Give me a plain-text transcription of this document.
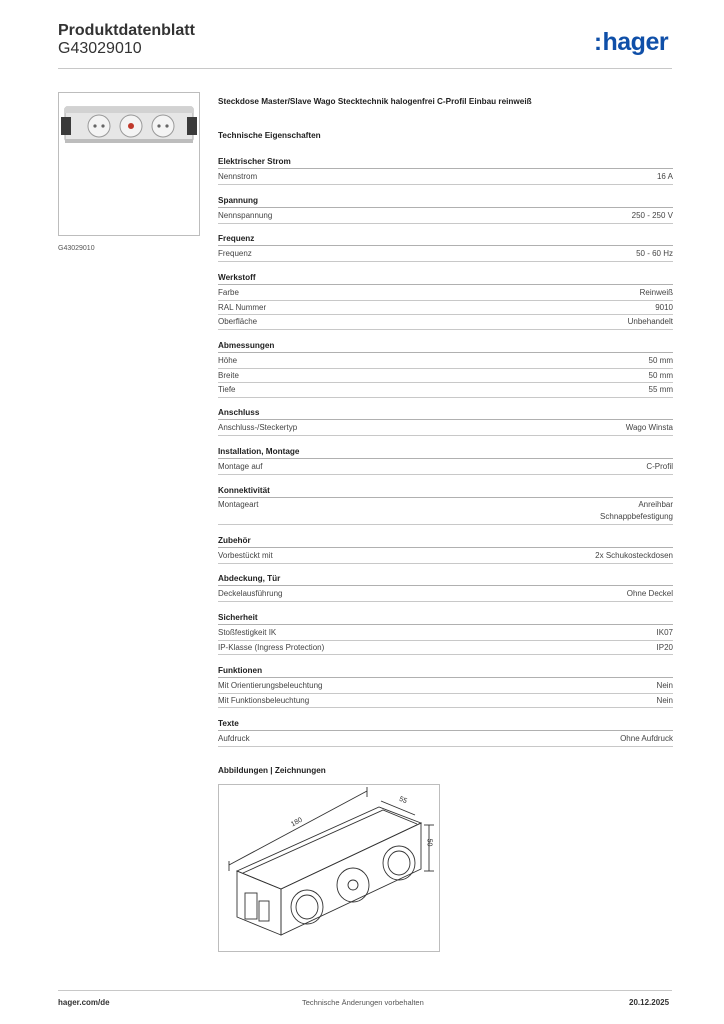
Produktdatenblatt
G43029010	:hager
G43029010
Steckdose Master/Slave Wago Stecktechnik halogenfrei C-Profil Einbau reinweiß
Technische Eigenschaften
Elektrischer Strom
Nennstrom	16 A
Spannung
Nennspannung	250 - 250 V
Frequenz
Frequenz	50 - 60 Hz
Werkstoff
Farbe	Reinweiß
RAL Nummer	9010
Oberfläche	Unbehandelt
Abmessungen
Höhe	50 mm
Breite	50 mm
Tiefe	55 mm
Anschluss
Anschluss-/Steckertyp	Wago Winsta
Installation, Montage
Montage auf	C-Profil
Konnektivität
Montageart	Anreihbar
Schnappbefestigung
Zubehör
Vorbestückt mit	2x Schukosteckdosen
Abdeckung, Tür
Deckelausführung	Ohne Deckel
Sicherheit
Stoßfestigkeit IK	IK07
IP-Klasse (Ingress Protection)	IP20
Funktionen
Mit Orientierungsbeleuchtung	Nein
Mit Funktionsbeleuchtung	Nein
Texte
Aufdruck	Ohne Aufdruck
Abbildungen | Zeichnungen
180
55
50
hager.com/de	Technische Änderungen vorbehalten	20.12.2025
